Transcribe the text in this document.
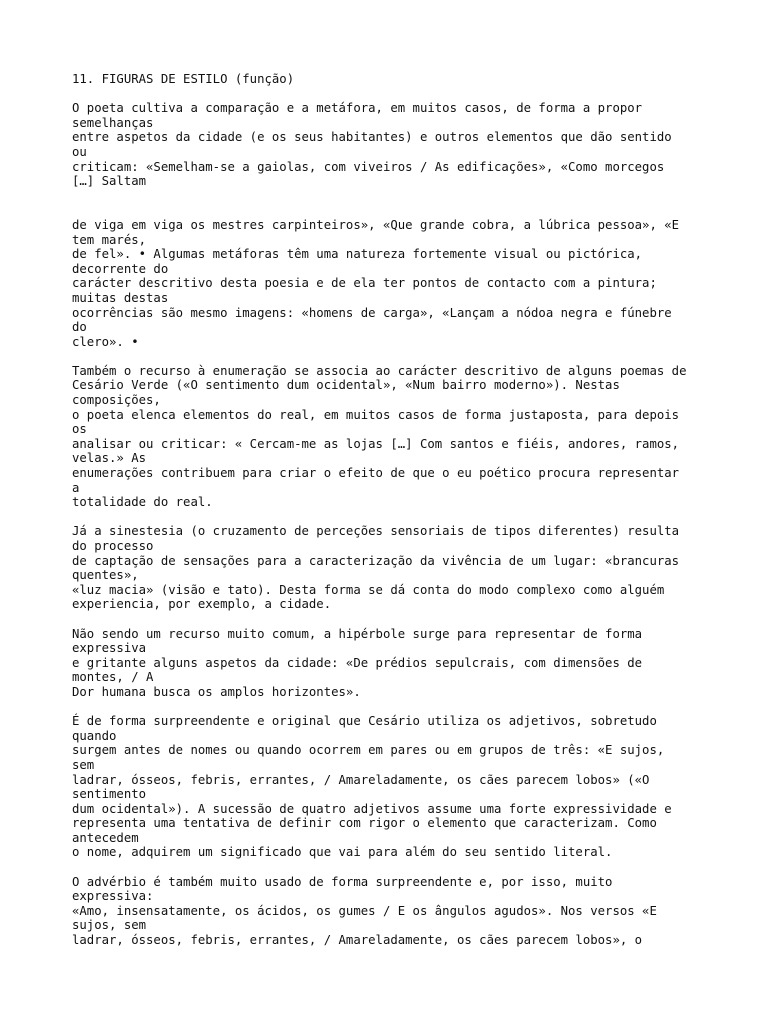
11. FIGURAS DE ESTILO (função)
O poeta cultiva a comparação e a metáfora, em muitos casos, de forma a propor
semelhanças
entre aspetos da cidade (e os seus habitantes) e outros elementos que dão sentido
ou
criticam: «Semelham-se a gaiolas, com viveiros / As edificações», «Como morcegos
[…] Saltam
de viga em viga os mestres carpinteiros», «Que grande cobra, a lúbrica pessoa», «E
tem marés,
de fel». • Algumas metáforas têm uma natureza fortemente visual ou pictórica,
decorrente do
carácter descritivo desta poesia e de ela ter pontos de contacto com a pintura;
muitas destas
ocorrências são mesmo imagens: «homens de carga», «Lançam a nódoa negra e fúnebre
do
clero». •
Também o recurso à enumeração se associa ao carácter descritivo de alguns poemas de
Cesário Verde («O sentimento dum ocidental», «Num bairro moderno»). Nestas
composições,
o poeta elenca elementos do real, em muitos casos de forma justaposta, para depois
os
analisar ou criticar: « Cercam-me as lojas […] Com santos e fiéis, andores, ramos,
velas.» As
enumerações contribuem para criar o efeito de que o eu poético procura representar
a
totalidade do real.
Já a sinestesia (o cruzamento de perceções sensoriais de tipos diferentes) resulta
do processo
de captação de sensações para a caracterização da vivência de um lugar: «brancuras
quentes»,
«luz macia» (visão e tato). Desta forma se dá conta do modo complexo como alguém
experiencia, por exemplo, a cidade.
Não sendo um recurso muito comum, a hipérbole surge para representar de forma
expressiva
e gritante alguns aspetos da cidade: «De prédios sepulcrais, com dimensões de
montes, / A
Dor humana busca os amplos horizontes».
É de forma surpreendente e original que Cesário utiliza os adjetivos, sobretudo
quando
surgem antes de nomes ou quando ocorrem em pares ou em grupos de três: «E sujos,
sem
ladrar, ósseos, febris, errantes, / Amareladamente, os cães parecem lobos» («O
sentimento
dum ocidental»). A sucessão de quatro adjetivos assume uma forte expressividade e
representa uma tentativa de definir com rigor o elemento que caracterizam. Como
antecedem
o nome, adquirem um significado que vai para além do seu sentido literal.
O advérbio é também muito usado de forma surpreendente e, por isso, muito
expressiva:
«Amo, insensatamente, os ácidos, os gumes / E os ângulos agudos». Nos versos «E
sujos, sem
ladrar, ósseos, febris, errantes, / Amareladamente, os cães parecem lobos», o
